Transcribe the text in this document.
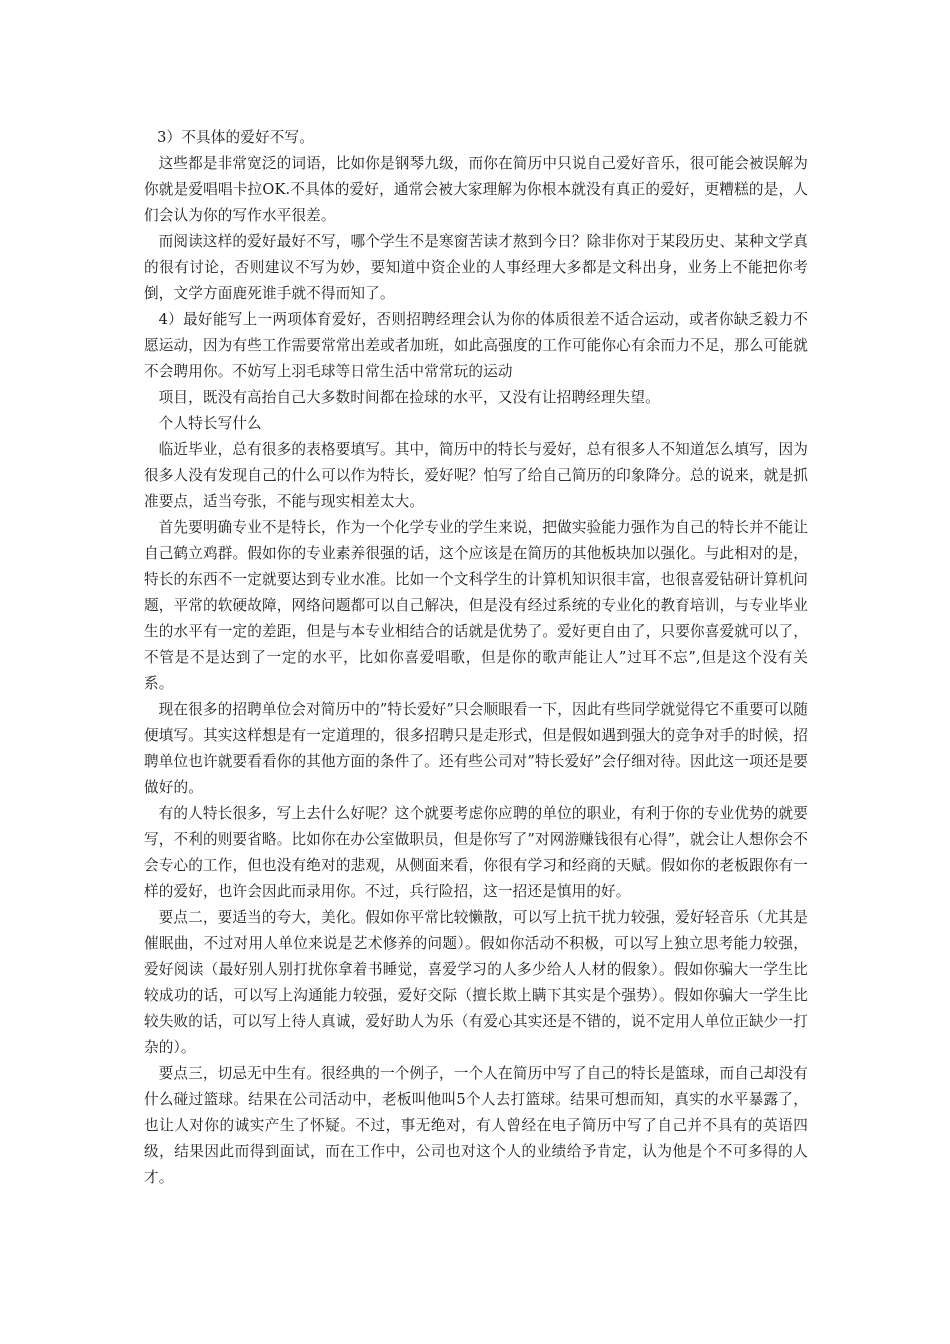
3）不具体的爱好不写。

这些都是非常宽泛的词语，比如你是钢琴九级，而你在简历中只说自己爱好音乐，很可能会被误解为你就是爱唱唱卡拉OK.不具体的爱好，通常会被大家理解为你根本就没有真正的爱好，更糟糕的是，人们会认为你的写作水平很差。

而阅读这样的爱好最好不写，哪个学生不是寒窗苦读才熬到今日？除非你对于某段历史、某种文学真的很有讨论，否则建议不写为妙，要知道中资企业的人事经理大多都是文科出身，业务上不能把你考倒，文学方面鹿死谁手就不得而知了。

4）最好能写上一两项体育爱好，否则招聘经理会认为你的体质很差不适合运动，或者你缺乏毅力不愿运动，因为有些工作需要常常出差或者加班，如此高强度的工作可能你心有余而力不足，那么可能就不会聘用你。不妨写上羽毛球等日常生活中常常玩的运动

项目，既没有高抬自己大多数时间都在捡球的水平，又没有让招聘经理失望。

个人特长写什么

临近毕业，总有很多的表格要填写。其中，简历中的特长与爱好，总有很多人不知道怎么填写，因为很多人没有发现自己的什么可以作为特长，爱好呢？怕写了给自己简历的印象降分。总的说来，就是抓准要点，适当夸张，不能与现实相差太大。

首先要明确专业不是特长，作为一个化学专业的学生来说，把做实验能力强作为自己的特长并不能让自己鹤立鸡群。假如你的专业素养很强的话，这个应该是在简历的其他板块加以强化。与此相对的是，特长的东西不一定就要达到专业水准。比如一个文科学生的计算机知识很丰富，也很喜爱钻研计算机问题，平常的软硬故障，网络问题都可以自己解决，但是没有经过系统的专业化的教育培训，与专业毕业生的水平有一定的差距，但是与本专业相结合的话就是优势了。爱好更自由了，只要你喜爱就可以了，不管是不是达到了一定的水平，比如你喜爱唱歌，但是你的歌声能让人”过耳不忘”,但是这个没有关系。

现在很多的招聘单位会对简历中的”特长爱好”只会顺眼看一下，因此有些同学就觉得它不重要可以随便填写。其实这样想是有一定道理的，很多招聘只是走形式，但是假如遇到强大的竞争对手的时候，招聘单位也许就要看看你的其他方面的条件了。还有些公司对”特长爱好”会仔细对待。因此这一项还是要做好的。

有的人特长很多，写上去什么好呢？这个就要考虑你应聘的单位的职业，有利于你的专业优势的就要写，不利的则要省略。比如你在办公室做职员，但是你写了”对网游赚钱很有心得”，就会让人想你会不会专心的工作，但也没有绝对的悲观，从侧面来看，你很有学习和经商的天赋。假如你的老板跟你有一样的爱好，也许会因此而录用你。不过，兵行险招，这一招还是慎用的好。

要点二，要适当的夸大，美化。假如你平常比较懒散，可以写上抗干扰力较强，爱好轻音乐（尤其是催眠曲，不过对用人单位来说是艺术修养的问题）。假如你活动不积极，可以写上独立思考能力较强，爱好阅读（最好别人别打扰你拿着书睡觉，喜爱学习的人多少给人人材的假象）。假如你骗大一学生比较成功的话，可以写上沟通能力较强，爱好交际（擅长欺上瞒下其实是个强势）。假如你骗大一学生比较失败的话，可以写上待人真诚，爱好助人为乐（有爱心其实还是不错的，说不定用人单位正缺少一打杂的）。

要点三，切忌无中生有。很经典的一个例子，一个人在简历中写了自己的特长是篮球，而自己却没有什么碰过篮球。结果在公司活动中，老板叫他叫5个人去打篮球。结果可想而知，真实的水平暴露了，也让人对你的诚实产生了怀疑。不过，事无绝对，有人曾经在电子简历中写了自己并不具有的英语四级，结果因此而得到面试，而在工作中，公司也对这个人的业绩给予肯定，认为他是个不可多得的人才。
